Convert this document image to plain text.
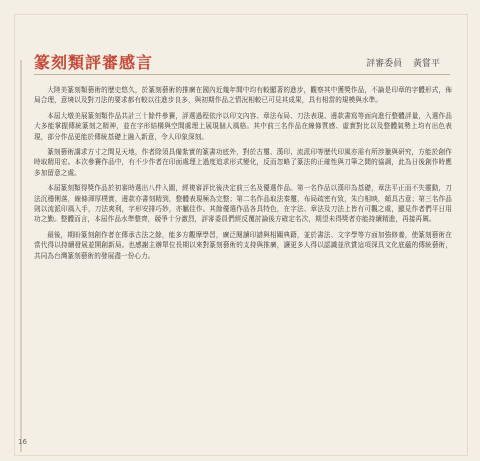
篆刻類評審感言	評審委員 黃嘗平

大陸美篆刻類藝術的歷史悠久，於篆刻藝術的推廣在國內近幾年間中均有較顯著的進步，觀察其中獲獎作品，不論是印章的字體形式，佈局合理，意境以及對刀法的要求都有較以往進步良多，與初期作品之情況相較已可見其成果，具有相當的規模與水準。

本屆大墩美展篆刻類作品共計三十餘件參賽，評選過程依序以印文內容、章法布局、刀法表現、邊款書寫等面向進行整體評量，入選作品大多能掌握傳統篆刻之精神，並在字形結構與空間處理上展現個人風格。其中前三名作品在線條質感、虛實對比以及整體氣勢上均有出色表現，部分作品更能於傳統基礎上融入新意，令人印象深刻。

篆刻藝術講求方寸之間見天地，作者除須具備紮實的篆書功底外，對於古璽、漢印、流派印等歷代印風亦需有所涉獵與研究，方能於創作時取精用宏。本次參賽作品中，有不少作者在印面處理上過度追求形式變化，反而忽略了篆法的正確性與刀筆之間的協調，此為日後創作時應多加留意之處。

本屆篆刻類得獎作品於初審時選出八件入圍，經複審評比後決定前三名及優選作品。第一名作品以漢印為基礎，章法平正而不失靈動，刀法沉穩俐落，線條渾厚樸實，邊款亦書刻精到，整體表現極為完整；第二名作品取法秦璽，布局疏密有致，朱白相映，頗具古意；第三名作品則以流派印風入手，刀法爽利，字形安排巧妙，亦屬佳作。其餘優選作品各具特色，在字法、章法及刀法上皆有可觀之處，顯見作者們平日用功之勤。整體而言，本屆作品水準整齊，競爭十分激烈，評審委員們經反覆討論後方確定名次，期望未得獎者亦能持續精進，再接再厲。

最後，期盼篆刻創作者在傳承古法之餘，能多方觀摩學習，廣泛閱讀印譜與相關典籍，並於書法、文字學等方面加強修養，使篆刻藝術在當代得以持續發展並開創新局。也感謝主辦單位長期以來對篆刻藝術的支持與推廣，讓更多人得以認識並欣賞這項深具文化底蘊的傳統藝術，共同為台灣篆刻藝術的發展盡一份心力。

16
